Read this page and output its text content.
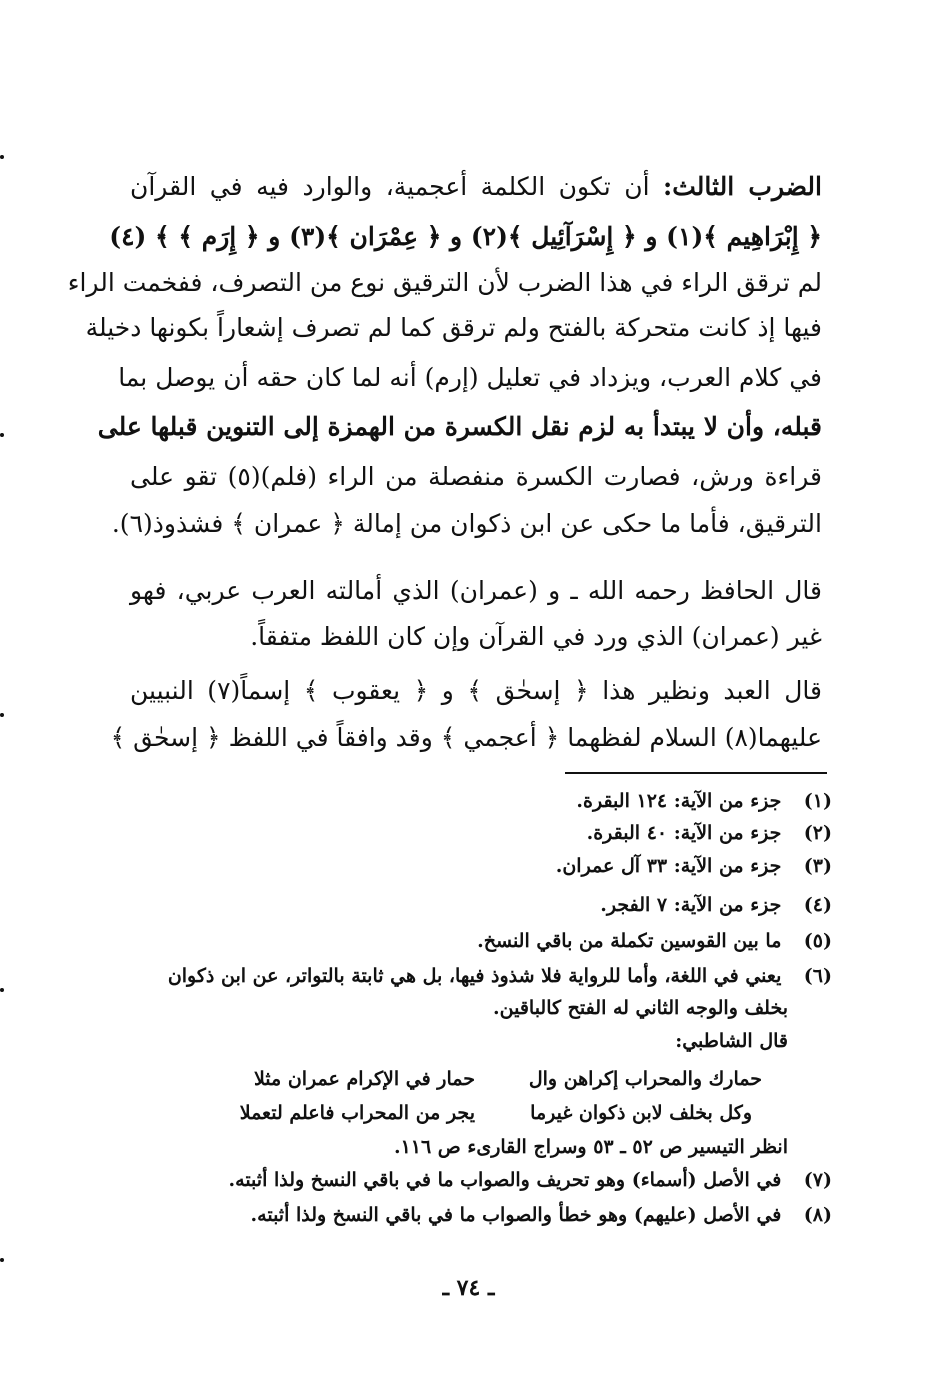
الضرب الثالث: أن تكون الكلمة أعجمية، والوارد فيه في القرآن
﴿ إِبْرَاهِيم ﴾(١) و ﴿ إِسْرَآئِيل ﴾(٢) و ﴿ عِمْرَان ﴾(٣) و ﴿ إِرَم ﴾ ﴾ (٤)
لم ترقق الراء في هذا الضرب لأن الترقيق نوع من التصرف، ففخمت الراء
فيها إذ كانت متحركة بالفتح ولم ترقق كما لم تصرف إشعاراً بكونها دخيلة
في كلام العرب، ويزداد في تعليل (إرم) أنه لما كان حقه أن يوصل بما
قبله، وأن لا يبتدأ به لزم نقل الكسرة من الهمزة إلى التنوين قبلها على
قراءة ورش، فصارت الكسرة منفصلة من الراء (فلم)(٥) تقو على
الترقيق، فأما ما حكى عن ابن ذكوان من إمالة ﴿ عمران ﴾ فشذوذ(٦).
قال الحافظ رحمه الله ـ و (عمران) الذي أمالته العرب عربي، فهو
غير (عمران) الذي ورد في القرآن وإن كان اللفظ متفقاً.
قال العبد ونظير هذا ﴿ إسحٰق ﴾ و ﴿ يعقوب ﴾ إسماً(٧) النبيين
عليهما(٨) السلام لفظهما ﴿ أعجمي ﴾ وقد وافقاً في اللفظ ﴿ إسحٰق ﴾
(١) جزء من الآية: ١٢٤ البقرة.
(٢) جزء من الآية: ٤٠ البقرة.
(٣) جزء من الآية: ٣٣ آل عمران.
(٤) جزء من الآية: ٧ الفجر.
(٥) ما بين القوسين تكملة من باقي النسخ.
(٦) يعني في اللغة، وأما للرواية فلا شذوذ فيها، بل هي ثابتة بالتواتر، عن ابن ذكوان
بخلف والوجه الثاني له الفتح كالباقين.
قال الشاطبي:
حمارك والمحراب إكراهن وال
حمار في الإكرام عمران مثلا
وكل بخلف لابن ذكوان غيرما
يجر من المحراب فاعلم لتعملا
انظر التيسير ص ٥٢ ـ ٥٣ وسراج القارىء ص ١١٦.
(٧) في الأصل (أسماء) وهو تحريف والصواب ما في باقي النسخ ولذا أثبته.
(٨) في الأصل (عليهم) وهو خطأ والصواب ما في باقي النسخ ولذا أثبته.
ـ ٧٤ ـ
